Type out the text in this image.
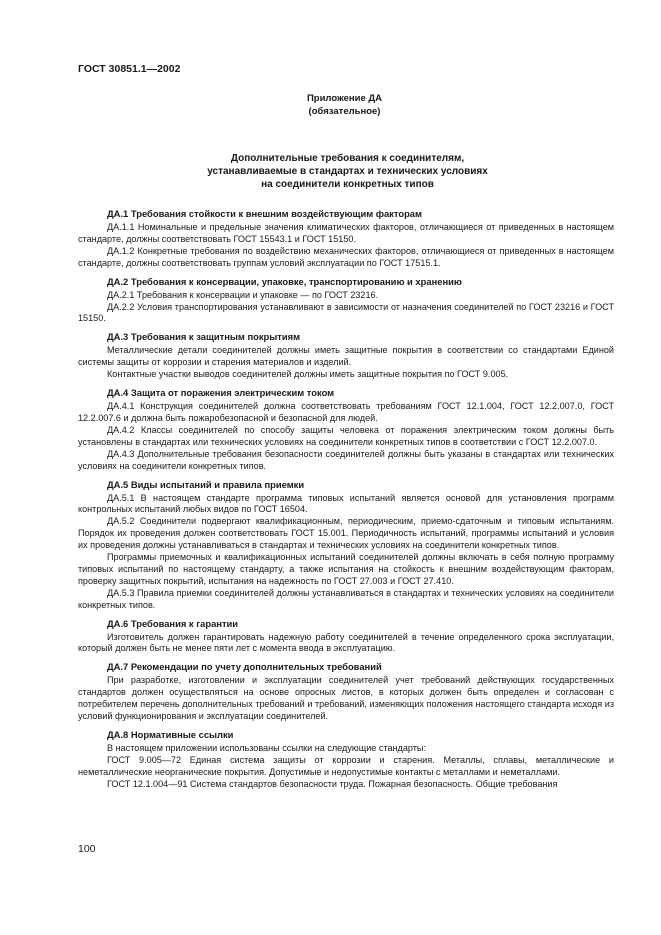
ГОСТ 30851.1—2002
Приложение ДА
(обязательное)
Дополнительные требования к соединителям,
устанавливаемые в стандартах и технических условиях
на соединители конкретных типов
ДА.1 Требования стойкости к внешним воздействующим факторам

ДА.1.1 Номинальные и предельные значения климатических факторов, отличающиеся от приведенных в настоящем стандарте, должны соответствовать ГОСТ 15543.1 и ГОСТ 15150.

ДА.1.2 Конкретные требования по воздействию механических факторов, отличающиеся от приведенных в настоящем стандарте, должны соответствовать группам условий эксплуатации по ГОСТ 17515.1.

ДА.2 Требования к консервации, упаковке, транспортированию и хранению

ДА.2.1 Требования к консервации и упаковке — по ГОСТ 23216.

ДА.2.2 Условия транспортирования устанавливают в зависимости от назначения соединителей по ГОСТ 23216 и ГОСТ 15150.

ДА.3 Требования к защитным покрытиям

Металлические детали соединителей должны иметь защитные покрытия в соответствии со стандартами Единой системы защиты от коррозии и старения материалов и изделий.

Контактные участки выводов соединителей должны иметь защитные покрытия по ГОСТ 9.005.

ДА.4 Защита от поражения электрическим током

ДА.4.1 Конструкция соединителей должна соответствовать требованиям ГОСТ 12.1.004, ГОСТ 12.2.007.0, ГОСТ 12.2.007.6 и должна быть пожаробезопасной и безопасной для людей.

ДА.4.2 Классы соединителей по способу защиты человека от поражения электрическим током должны быть установлены в стандартах или технических условиях на соединители конкретных типов в соответствии с ГОСТ 12.2.007.0.

ДА.4.3 Дополнительные требования безопасности соединителей должны быть указаны в стандартах или технических условиях на соединители конкретных типов.

ДА.5 Виды испытаний и правила приемки

ДА.5.1 В настоящем стандарте программа типовых испытаний является основой для установления программ контрольных испытаний любых видов по ГОСТ 16504.

ДА.5.2 Соединители подвергают квалификационным, периодическим, приемо-сдаточным и типовым испытаниям. Порядок их проведения должен соответствовать ГОСТ 15.001. Периодичность испытаний, программы испытаний и условия их проведения должны устанавливаться в стандартах и технических условиях на соединители конкретных типов.

Программы приемочных и квалификационных испытаний соединителей должны включать в себя полную программу типовых испытаний по настоящему стандарту, а также испытания на стойкость к внешним воздействующим факторам, проверку защитных покрытий, испытания на надежность по ГОСТ 27.003 и ГОСТ 27.410.

ДА.5.3 Правила приемки соединителей должны устанавливаться в стандартах и технических условиях на соединители конкретных типов.

ДА.6 Требования к гарантии

Изготовитель должен гарантировать надежную работу соединителей в течение определенного срока эксплуатации, который должен быть не менее пяти лет с момента ввода в эксплуатацию.

ДА.7 Рекомендации по учету дополнительных требований

При разработке, изготовлении и эксплуатации соединителей учет требований действующих государственных стандартов должен осуществляться на основе опросных листов, в которых должен быть определен и согласован с потребителем перечень дополнительных требований и требований, изменяющих положения настоящего стандарта исходя из условий функционирования и эксплуатации соединителей.

ДА.8 Нормативные ссылки

В настоящем приложении использованы ссылки на следующие стандарты:

ГОСТ 9.005—72 Единая система защиты от коррозии и старения. Металлы, сплавы, металлические и неметаллические неорганические покрытия. Допустимые и недопустимые контакты с металлами и неметаллами.

ГОСТ 12.1.004—91 Система стандартов безопасности труда. Пожарная безопасность. Общие требования

100
